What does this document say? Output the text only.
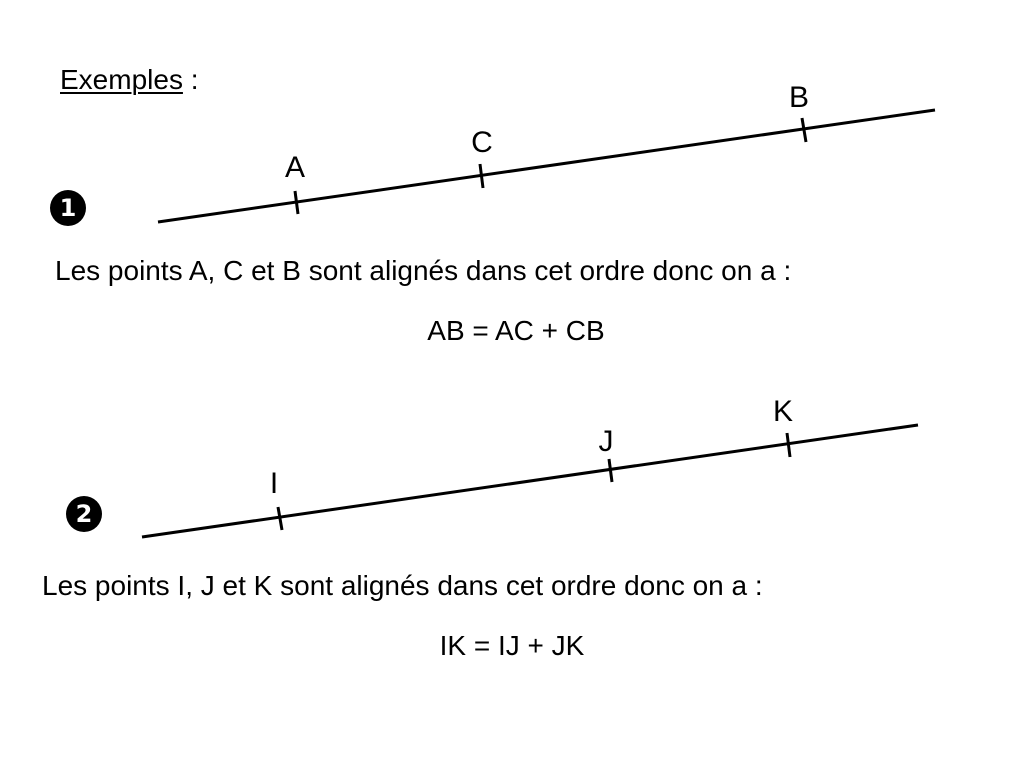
Exemples :
A
C
B
I
J
K
1
Les points A, C et B sont alignés dans cet ordre donc on a :
AB = AC + CB
2
Les points I, J et K sont alignés dans cet ordre donc on a :
IK = IJ + JK
